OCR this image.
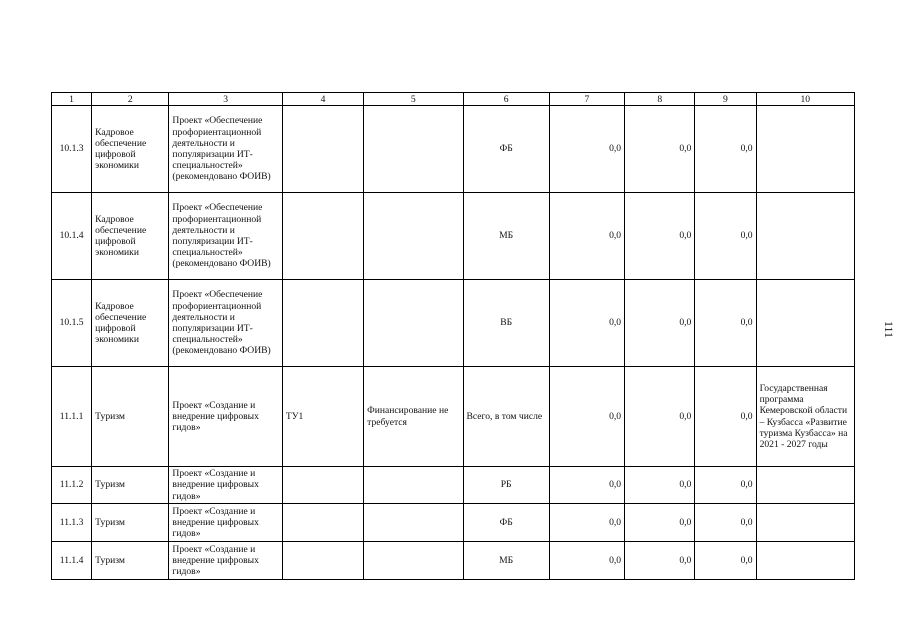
1	2	3	4	5	6	7	8	9	10
10.1.3	Кадровое обеспечение цифровой экономики	Проект «Обеспечение профориентационной деятельности и популяризации ИТ-специальностей» (рекомендовано ФОИВ)			ФБ	0,0	0,0	0,0	
10.1.4	Кадровое обеспечение цифровой экономики	Проект «Обеспечение профориентационной деятельности и популяризации ИТ-специальностей» (рекомендовано ФОИВ)			МБ	0,0	0,0	0,0	
10.1.5	Кадровое обеспечение цифровой экономики	Проект «Обеспечение профориентационной деятельности и популяризации ИТ-специальностей» (рекомендовано ФОИВ)			ВБ	0,0	0,0	0,0	
11.1.1	Туризм	Проект «Создание и внедрение цифровых гидов»	ТУ1	Финансирование не требуется	Всего, в том числе	0,0	0,0	0,0	Государственная программа Кемеровской области – Кузбасса «Развитие туризма Кузбасса» на 2021 - 2027 годы
11.1.2	Туризм	Проект «Создание и внедрение цифровых гидов»			РБ	0,0	0,0	0,0	
11.1.3	Туризм	Проект «Создание и внедрение цифровых гидов»			ФБ	0,0	0,0	0,0	
11.1.4	Туризм	Проект «Создание и внедрение цифровых гидов»			МБ	0,0	0,0	0,0	
111
